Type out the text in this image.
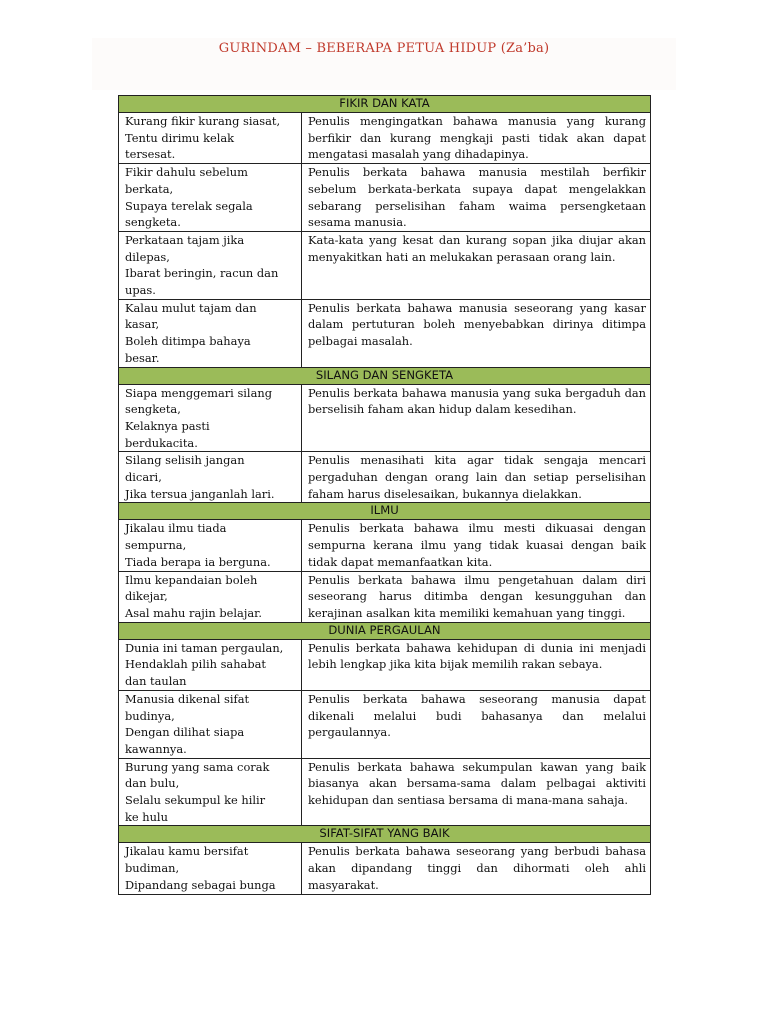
GURINDAM – BEBERAPA PETUA HIDUP (Za’ba)
FIKIR DAN KATA	
Kurang fikir kurang siasat,
Tentu dirimu kelak
tersesat.	Penulis mengingatkan bahawa manusia yang kurang berfikir dan kurang mengkaji pasti tidak akan dapat mengatasi masalah yang dihadapinya.
Fikir dahulu sebelum
berkata,
Supaya terelak segala
sengketa.	Penulis berkata bahawa manusia mestilah berfikir sebelum berkata-berkata supaya dapat mengelakkan sebarang perselisihan faham waima persengketaan sesama manusia.
Perkataan tajam jika
dilepas,
Ibarat beringin, racun dan
upas.	Kata-kata yang kesat dan kurang sopan jika diujar akan menyakitkan hati an melukakan perasaan orang lain.
Kalau mulut tajam dan
kasar,
Boleh ditimpa bahaya
besar.	Penulis berkata bahawa manusia seseorang yang kasar dalam pertuturan boleh menyebabkan dirinya ditimpa pelbagai masalah.
SILANG DAN SENGKETA	
Siapa menggemari silang
sengketa,
Kelaknya pasti
berdukacita.	Penulis berkata bahawa manusia yang suka bergaduh dan berselisih faham akan hidup dalam kesedihan.
Silang selisih jangan
dicari,
Jika tersua janganlah lari.	Penulis menasihati kita agar tidak sengaja mencari pergaduhan dengan orang lain dan setiap perselisihan faham harus diselesaikan, bukannya dielakkan.
ILMU	
Jikalau ilmu tiada
sempurna,
Tiada berapa ia berguna.	Penulis berkata bahawa ilmu mesti dikuasai dengan sempurna kerana ilmu yang tidak kuasai dengan baik tidak dapat memanfaatkan kita.
Ilmu kepandaian boleh
dikejar,
Asal mahu rajin belajar.	Penulis berkata bahawa ilmu pengetahuan dalam diri seseorang harus ditimba dengan kesungguhan dan kerajinan asalkan kita memiliki kemahuan yang tinggi.
DUNIA PERGAULAN	
Dunia ini taman pergaulan,
Hendaklah pilih sahabat
dan taulan	Penulis berkata bahawa kehidupan di dunia ini menjadi lebih lengkap jika kita bijak memilih rakan sebaya.
Manusia dikenal sifat
budinya,
Dengan dilihat siapa
kawannya.	Penulis berkata bahawa seseorang manusia dapat dikenali melalui budi bahasanya dan melalui pergaulannya.
Burung yang sama corak
dan bulu,
Selalu sekumpul ke hilir
ke hulu	Penulis berkata bahawa sekumpulan kawan yang baik biasanya akan bersama-sama dalam pelbagai aktiviti kehidupan dan sentiasa bersama di mana-mana sahaja.
SIFAT-SIFAT YANG BAIK	
Jikalau kamu bersifat
budiman,
Dipandang sebagai bunga	Penulis berkata bahawa seseorang yang berbudi bahasa akan dipandang tinggi dan dihormati oleh ahli masyarakat.
